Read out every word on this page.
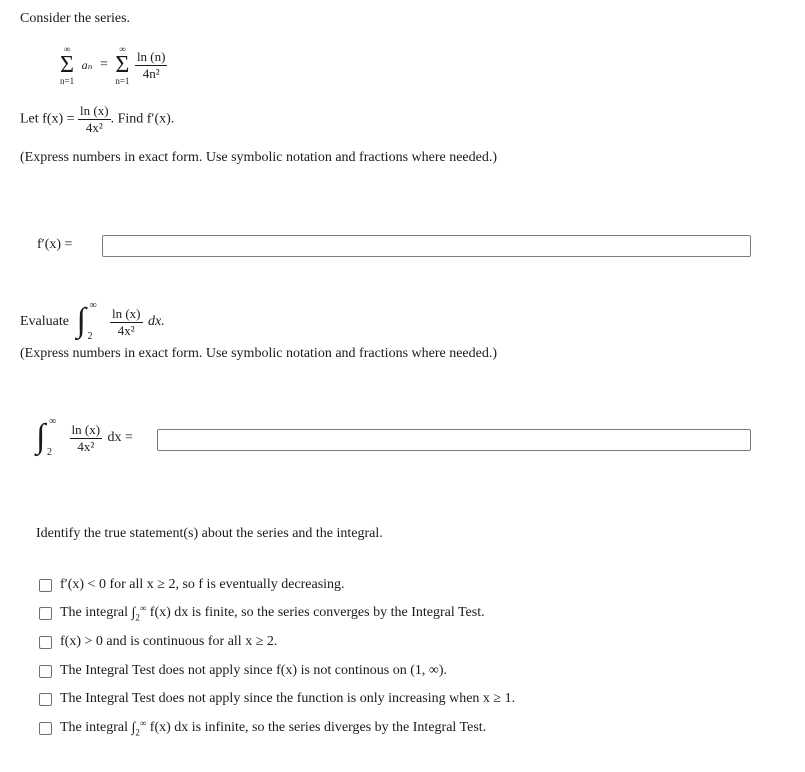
Consider the series.
∞
Σ
n=1
aₙ =
∞
Σ
n=1

$\frac{\ln (n)}{\text{4n²}}$
Let $f(x) = \frac{\ln (x)}{\text{4x²}}$ . Find f′(x).
(Express numbers in exact form. Use symbolic notation and fractions where needed.)
f′(x) =
Evaluate ∫ ∞
2
$\frac{\ln (x)}{\text{4x²}}$ dx.
(Express numbers in exact form. Use symbolic notation and fractions where needed.)
∫ ∞
2
$\frac{\ln (x)}{\text{4x²}}$ dx =
Identify the true statement(s) about the series and the integral.
f′(x) < 0 for all x ≥ 2, so f is eventually decreasing.
The integral $\int_2^\infty$ f(x) dx is finite, so the series converges by the Integral Test.
f(x) > 0 and is continuous for all x ≥ 2.
The Integral Test does not apply since f(x) is not continous on (1, ∞).
The Integral Test does not apply since the function is only increasing when x ≥ 1.
The integral $\int_2^\infty$ f(x) dx is infinite, so the series diverges by the Integral Test.
